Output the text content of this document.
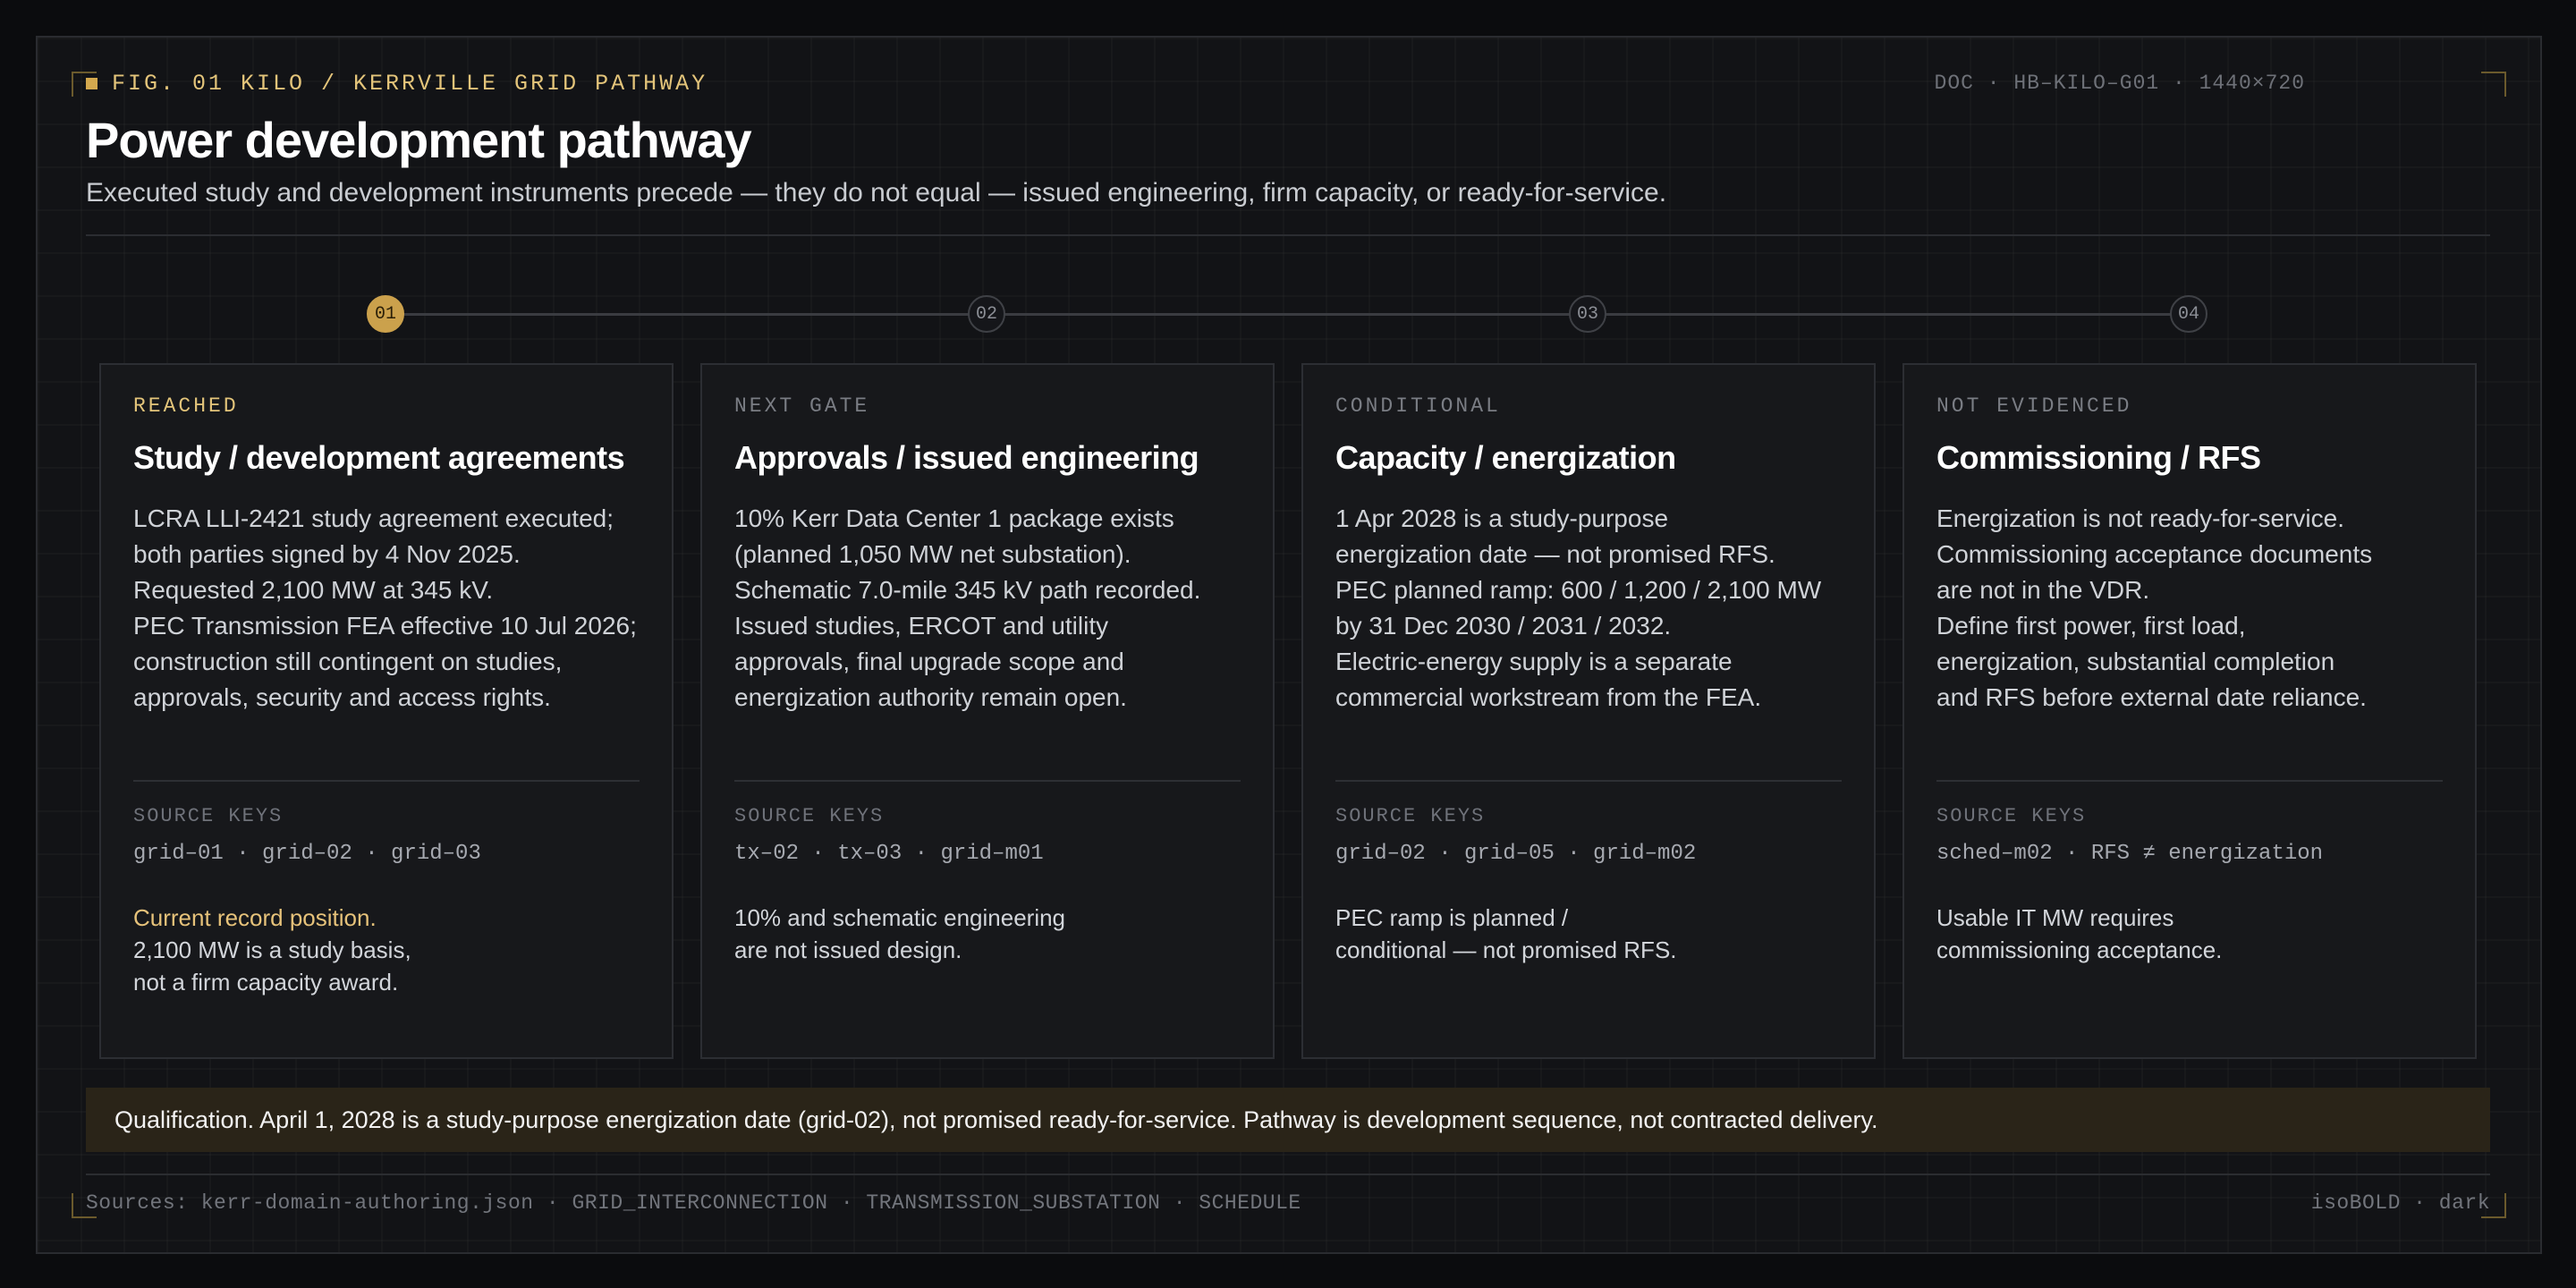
FIG. 01 KILO / KERRVILLE GRID PATHWAY	DOC · HB–KILO–G01 · 1440×720
Power development pathway
Executed study and development instruments precede — they do not equal — issued engineering, firm capacity, or ready-for-service.
01	02	03	04
REACHED
Study / development agreements
LCRA LLI-2421 study agreement executed;
both parties signed by 4 Nov 2025.
Requested 2,100 MW at 345 kV.
PEC Transmission FEA effective 10 Jul 2026;
construction still contingent on studies,
approvals, security and access rights.
SOURCE KEYS
grid–01 · grid–02 · grid–03
Current record position.
2,100 MW is a study basis,
not a firm capacity award.
NEXT GATE
Approvals / issued engineering
10% Kerr Data Center 1 package exists
(planned 1,050 MW net substation).
Schematic 7.0-mile 345 kV path recorded.
Issued studies, ERCOT and utility
approvals, final upgrade scope and
energization authority remain open.
SOURCE KEYS
tx–02 · tx–03 · grid–m01
10% and schematic engineering
are not issued design.
CONDITIONAL
Capacity / energization
1 Apr 2028 is a study-purpose
energization date — not promised RFS.
PEC planned ramp: 600 / 1,200 / 2,100 MW
by 31 Dec 2030 / 2031 / 2032.
Electric-energy supply is a separate
commercial workstream from the FEA.
SOURCE KEYS
grid–02 · grid–05 · grid–m02
PEC ramp is planned /
conditional — not promised RFS.
NOT EVIDENCED
Commissioning / RFS
Energization is not ready-for-service.
Commissioning acceptance documents
are not in the VDR.
Define first power, first load,
energization, substantial completion
and RFS before external date reliance.
SOURCE KEYS
sched–m02 · RFS ≠ energization
Usable IT MW requires
commissioning acceptance.
Qualification. April 1, 2028 is a study-purpose energization date (grid-02), not promised ready-for-service. Pathway is development sequence, not contracted delivery.
Sources: kerr-domain-authoring.json · GRID_INTERCONNECTION · TRANSMISSION_SUBSTATION · SCHEDULE	isoBOLD · dark
